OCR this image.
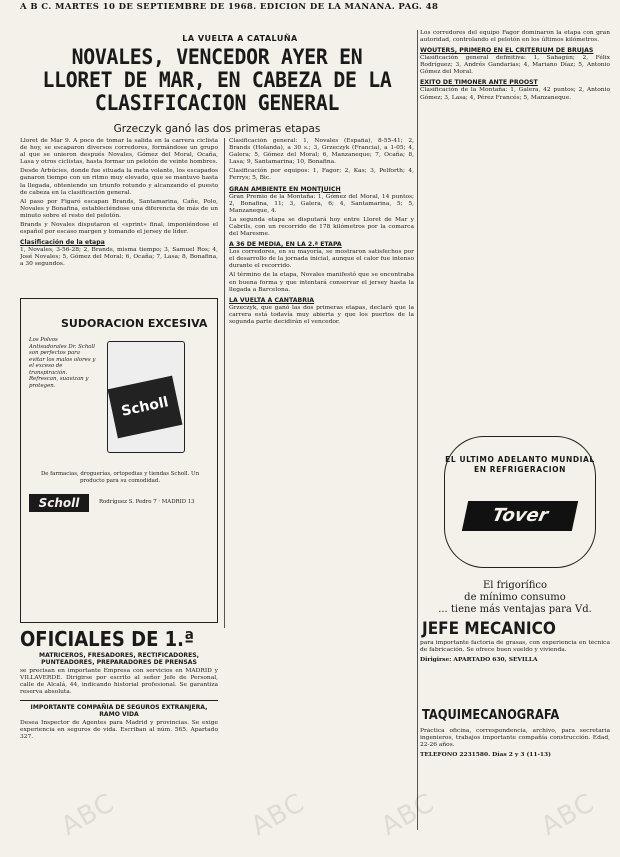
A B C. MARTES 10 DE SEPTIEMBRE DE 1968. EDICION DE LA MAÑANA. PAG. 48
LA VUELTA A CATALUÑA
NOVALES, VENCEDOR AYER EN LLORET DE MAR, EN CABEZA DE LA CLASIFICACION GENERAL
Grzeczyk ganó las dos primeras etapas

Lloret de Mar 9. A poco de tomar la salida en la carrera ciclista de hoy, se escaparon diversos corredores, formándose un grupo al que se unieron después Novales, Gómez del Moral, Ocaña, Lasa y otros ciclistas, hasta formar un pelotón de veinte hombres.

Desde Arbúcies, donde fue situada la meta volante, los escapados ganaron tiempo con un ritmo muy elevado, que se mantuvo hasta la llegada, obteniendo un triunfo rotundo y alcanzando el puesto de cabeza en la clasificación general.

Al paso por Figaró escapan Brands, Santamarina, Cañe, Polo, Novales y Bonafina, estableciéndose una diferencia de más de un minuto sobre el resto del pelotón.

Brands y Novales disputaron el «sprint» final, imponiéndose el español por escaso margen y tomando el jersey de líder.

Clasificación de la etapa

1, Novales, 3-56-28; 2, Brands, misma tiempo; 3, Samuel Ros; 4, José Novales; 5, Gómez del Moral; 6, Ocaña; 7, Lasa; 8, Bonafina, a 30 segundos.

Clasificación general: 1, Novales (España), 8-55-41; 2, Brands (Holanda), a 30 s.; 3, Grzeczyk (Francia), a 1-05; 4, Galera; 5, Gómez del Moral; 6, Manzaneque; 7, Ocaña; 8, Lasa; 9, Santamarina; 10, Bonafina.

Clasificación por equipos: 1, Fagor; 2, Kas; 3, Pelforth; 4, Ferrys; 5, Bic.

GRAN AMBIENTE EN MONTJUICH

Gran Premio de la Montaña: 1, Gómez del Moral, 14 puntos; 2, Bonafina, 11; 3, Galera, 6; 4, Santamarina, 5; 5, Manzaneque, 4.

La segunda etapa se disputará hoy entre Lloret de Mar y Cabrils, con un recorrido de 178 kilómetros por la comarca del Maresme.

A 36 DE MEDIA, EN LA 2.ª ETAPA

Los corredores, en su mayoría, se mostraron satisfechos por el desarrollo de la jornada inicial, aunque el calor fue intenso durante el recorrido.

Al término de la etapa, Novales manifestó que se encontraba en buena forma y que intentará conservar el jersey hasta la llegada a Barcelona.

LA VUELTA A CANTABRIA

Grzeczyk, que ganó las dos primeras etapas, declaró que la carrera está todavía muy abierta y que los puertos de la segunda parte decidirán el vencedor.

Los corredores del equipo Fagor dominaron la etapa con gran autoridad, controlando el pelotón en los últimos kilómetros.

WOUTERS, PRIMERO EN EL CRITERIUM DE BRUJAS

Clasificación general definitiva: 1, Sahagún; 2, Félix Rodríguez; 3, Andrés Gandarias; 4, Mariano Díaz; 5, Antonio Gómez del Moral.

EXITO DE TIMONER ANTE PROOST

Clasificación de la Montaña: 1, Galera, 42 puntos; 2, Antonio Gómez; 3, Lasa; 4, Pérez Francés; 5, Manzaneque.

SUDORACION EXCESIVA
Los Polvos Antisudorales Dr. Scholl son perfectos para evitar los malos olores y el exceso de transpiración. Refrescan, suavizan y protegen.
Scholl
De farmacias, droguerías, ortopedias y tiendas Scholl. Un producto para su comodidad.
Scholl	Rodríguez S. Pedro 7 · MADRID 13
OFICIALES DE 1.ª

MATRICEROS, FRESADORES, RECTIFICADORES, PUNTEADORES, PREPARADORES DE PRENSAS

se precisan en importante Empresa con servicios en MADRID y VILLAVERDE. Dirigirse por escrito al señor Jefe de Personal, calle de Alcalá, 44, indicando historial profesional. Se garantiza reserva absoluta.

IMPORTANTE COMPAÑIA DE SEGUROS EXTRANJERA, RAMO VIDA

Desea Inspector de Agentes para Madrid y provincias. Se exige experiencia en seguros de vida. Escriban al núm. 565. Apartado 327.

EL ULTIMO ADELANTO MUNDIAL EN REFRIGERACION
Tover
El frigorífico
de mínimo consumo
... tiene más ventajas para Vd.
JEFE MECANICO

para importante factoría de grasas, con experiencia en técnica de fabricación. Se ofrece buen sueldo y vivienda.

Dirigirse: APARTADO 630, SEVILLA

TAQUIMECANOGRAFA

Práctica oficina, correspondencia, archivo, para secretaría ingenieros, trabajos importante compañía construcción. Edad, 22-26 años.

TELEFONO 2231580. Días 2 y 3 (11-13)

ABC	ABC	ABC	ABC
